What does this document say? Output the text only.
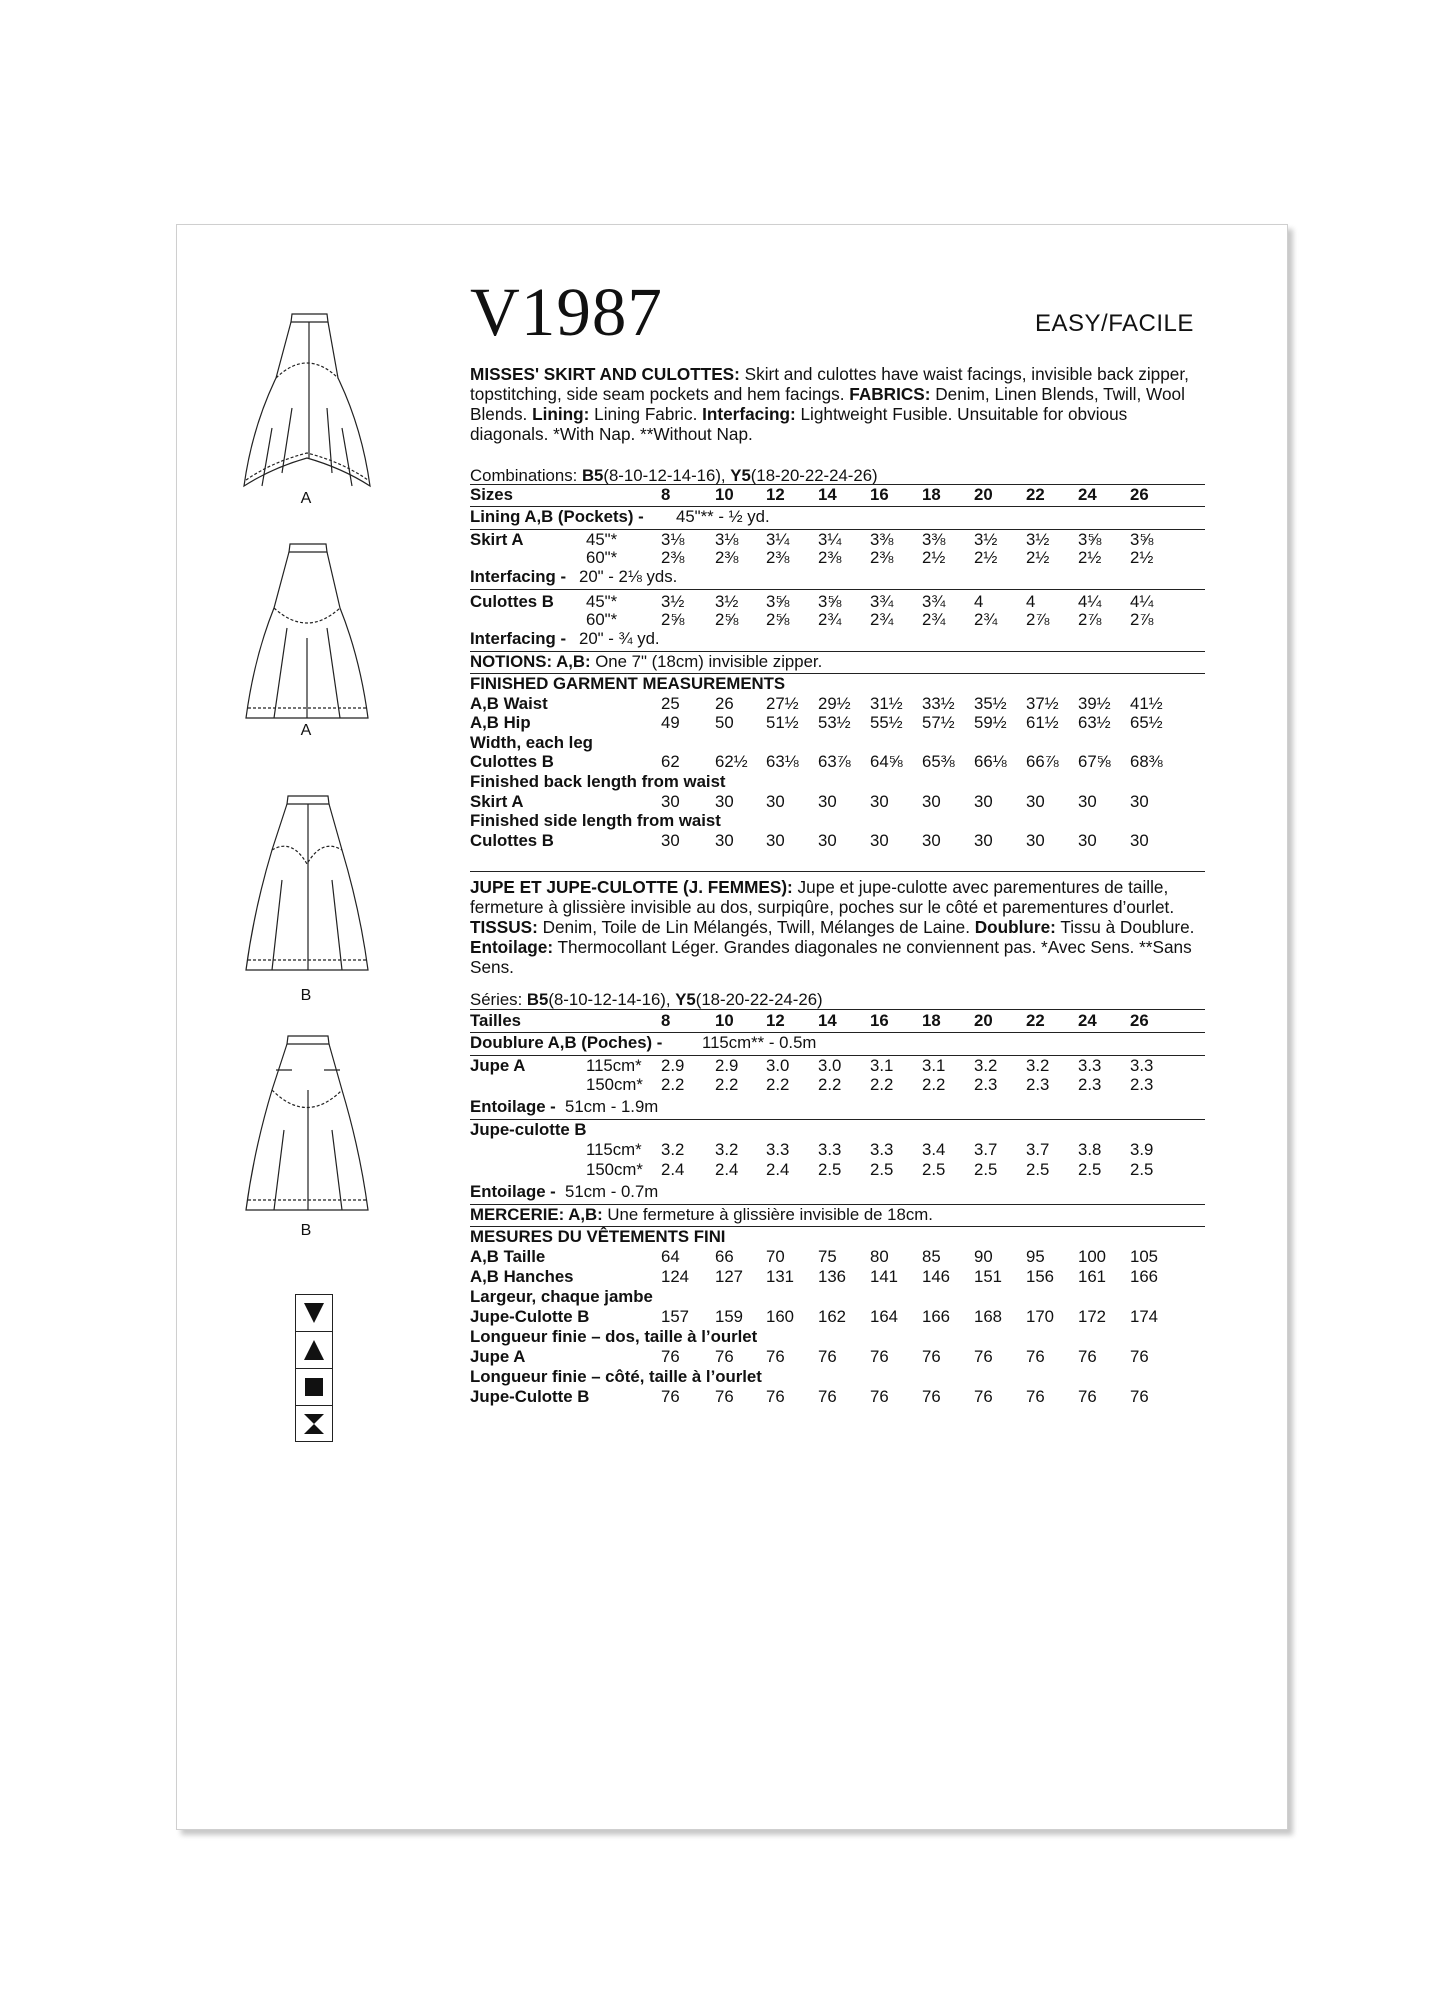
V1987	EASY/FACILE
MISSES' SKIRT AND CULOTTES: Skirt and culottes have waist facings, invisible back zipper, topstitching, side seam pockets and hem facings. FABRICS: Denim, Linen Blends, Twill, Wool Blends. Lining: Lining Fabric. Interfacing: Lightweight Fusible. Unsuitable for obvious diagonals. *With Nap. **Without Nap.
Combinations: B5(8-10-12-14-16), Y5(18-20-22-24-26)
Sizes	8	10 12 14 16 18 20 22 24 26
Lining A,B (Pockets) - 45"** - ½ yd.
Skirt A	45"*	3⅛ 3⅛ 3¼ 3¼ 3⅜ 3⅜ 3½ 3½ 3⅝ 3⅝
60"*	2⅜ 2⅜ 2⅜ 2⅜ 2⅜ 2½ 2½ 2½ 2½ 2½
Interfacing - 20" - 2⅛ yds.
Culottes B 45"*	3½ 3½ 3⅝ 3⅝ 3¾ 3¾ 4	4	4¼ 4¼
60"*	2⅝ 2⅝ 2⅝ 2¾ 2¾ 2¾ 2¾ 2⅞ 2⅞ 2⅞
Interfacing - 20" - ¾ yd.
NOTIONS: A,B: One 7" (18cm) invisible zipper.
FINISHED GARMENT MEASUREMENTS
A,B Waist	25 26 27½ 29½ 31½ 33½ 35½ 37½ 39½ 41½
A,B Hip	49 50 51½ 53½ 55½ 57½ 59½ 61½ 63½ 65½
Width, each leg
Culottes B	62 62½ 63⅛ 63⅞ 64⅝ 65⅜ 66⅛ 66⅞ 67⅝ 68⅜
Finished back length from waist
Skirt A	30 30 30 30 30 30 30 30 30 30
Finished side length from waist
Culottes B	30 30 30 30 30 30 30 30 30 30
JUPE ET JUPE-CULOTTE (J. FEMMES): Jupe et jupe-culotte avec parementures de taille, fermeture à glissière invisible au dos, surpiqûre, poches sur le côté et parementures d’ourlet. TISSUS: Denim, Toile de Lin Mélangés, Twill, Mélanges de Laine. Doublure: Tissu à Doublure. Entoilage: Thermocollant Léger. Grandes diagonales ne conviennent pas. *Avec Sens. **Sans Sens.
Séries: B5(8-10-12-14-16), Y5(18-20-22-24-26)
Tailles	8	10 12 14 16 18 20 22 24 26
Doublure A,B (Poches) - 115cm** - 0.5m
Jupe A	115cm* 2.9 2.9 3.0 3.0 3.1 3.1 3.2 3.2 3.3 3.3
150cm* 2.2 2.2 2.2 2.2 2.2 2.2 2.3 2.3 2.3 2.3
Entoilage - 51cm - 1.9m
Jupe-culotte B
115cm* 3.2 3.2 3.3 3.3 3.3 3.4 3.7 3.7 3.8 3.9
150cm* 2.4 2.4 2.4 2.5 2.5 2.5 2.5 2.5 2.5 2.5
Entoilage - 51cm - 0.7m
MERCERIE: A,B: Une fermeture à glissière invisible de 18cm.
MESURES DU VÊTEMENTS FINI
A,B Taille	64 66 70 75 80 85 90 95 100 105
A,B Hanches	124 127 131 136 141 146 151 156 161 166
Largeur, chaque jambe
Jupe-Culotte B	157 159 160 162 164 166 168 170 172 174
Longueur finie – dos, taille à l’ourlet
Jupe A	76 76 76 76 76 76 76 76 76 76
Longueur finie – côté, taille à l’ourlet
Jupe-Culotte B	76 76 76 76 76 76 76 76 76 76
A
A
B
B
